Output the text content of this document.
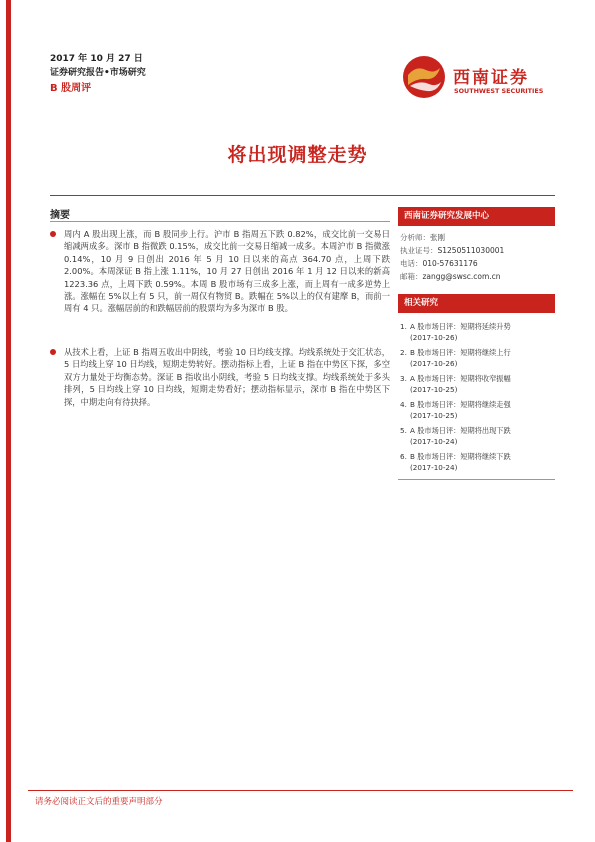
2017 年 10 月 27 日
证券研究报告•市场研究
B 股周评
西南证券
SOUTHWEST SECURITIES
将出现调整走势
摘要
周内 A 股出现上涨，而 B 股同步上行。沪市 B 指周五下跌 0.82%，成交比前一交易日缩减两成多。深市 B 指微跌 0.15%，成交比前一交易日缩减一成多。本周沪市 B 指微涨 0.14%，10 月 9 日创出 2016 年 5 月 10 日以来的高点 364.70 点，上周下跌 2.00%。本周深证 B 指上涨 1.11%，10 月 27 日创出 2016 年 1 月 12 日以来的新高 1223.36 点，上周下跌 0.59%。本周 B 股市场有三成多上涨，而上周有一成多逆势上涨。涨幅在 5%以上有 5 只，前一周仅有物贸 B。跌幅在 5%以上的仅有建摩 B，而前一周有 4 只。涨幅居前的和跌幅居前的股票均为多为深市 B 股。
从技术上看，上证 B 指周五收出中阴线，考验 10 日均线支撑。均线系统处于交汇状态，5 日均线上穿 10 日均线，短期走势转好。摆动指标上看，上证 B 指在中势区下探，多空双方力量处于均衡态势。深证 B 指收出小阴线，考验 5 日均线支撑。均线系统处于多头排列，5 日均线上穿 10 日均线，短期走势看好；摆动指标显示，深市 B 指在中势区下探，中期走向有待抉择。
西南证券研究发展中心
分析师：张刚
执业证号：S1250511030001
电话：010-57631176
邮箱：zangg@swsc.com.cn
相关研究
1. A 股市场日评：短期将延续升势
(2017-10-26)
2. B 股市场日评：短期将继续上行
(2017-10-26)
3. A 股市场日评：短期将收窄振幅
(2017-10-25)
4. B 股市场日评：短期将继续走强
(2017-10-25)
5. A 股市场日评：短期将出现下跌
(2017-10-24)
6. B 股市场日评：短期将继续下跌
(2017-10-24)
请务必阅读正文后的重要声明部分
